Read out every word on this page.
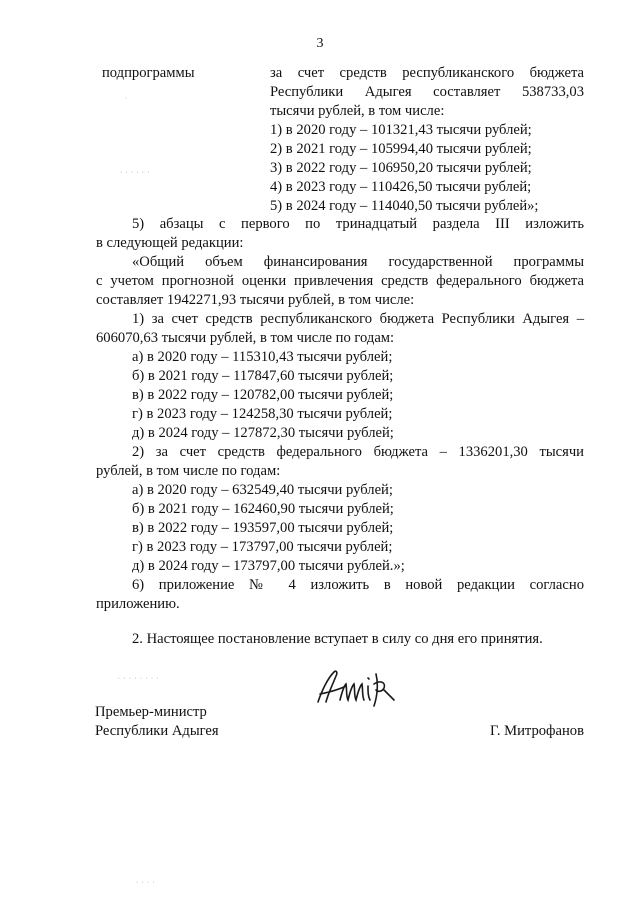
3
подпрограммы	за счет средств республиканского бюджета
Республики Адыгея составляет 538733,03
тысячи рублей, в том числе:
1) в 2020 году – 101321,43 тысячи рублей;
2) в 2021 году – 105994,40 тысячи рублей;
3) в 2022 году – 106950,20 тысячи рублей;
4) в 2023 году – 110426,50 тысячи рублей;
5) в 2024 году – 114040,50 тысячи рублей»;
·
· · · · · ·
5) абзацы с первого по тринадцатый раздела III изложить
в следующей редакции:
«Общий объем финансирования государственной программы
с учетом прогнозной оценки привлечения средств федерального бюджета
составляет 1942271,93 тысячи рублей, в том числе:
1) за счет средств республиканского бюджета Республики Адыгея –
606070,63 тысячи рублей, в том числе по годам:
а) в 2020 году – 115310,43 тысячи рублей;
б) в 2021 году – 117847,60 тысячи рублей;
в) в 2022 году – 120782,00 тысячи рублей;
г) в 2023 году – 124258,30 тысячи рублей;
д) в 2024 году – 127872,30 тысячи рублей;
2) за счет средств федерального бюджета – 1336201,30 тысячи
рублей, в том числе по годам:
а) в 2020 году – 632549,40 тысячи рублей;
б) в 2021 году – 162460,90 тысячи рублей;
в) в 2022 году – 193597,00 тысячи рублей;
г) в 2023 году – 173797,00 тысячи рублей;
д) в 2024 году – 173797,00 тысячи рублей.»;
6) приложение № 4 изложить в новой редакции согласно
приложению.
2. Настоящее постановление вступает в силу со дня его принятия.
· · · · · · · ·
Премьер-министр
Республики Адыгея	Г. Митрофанов
· · · ·
